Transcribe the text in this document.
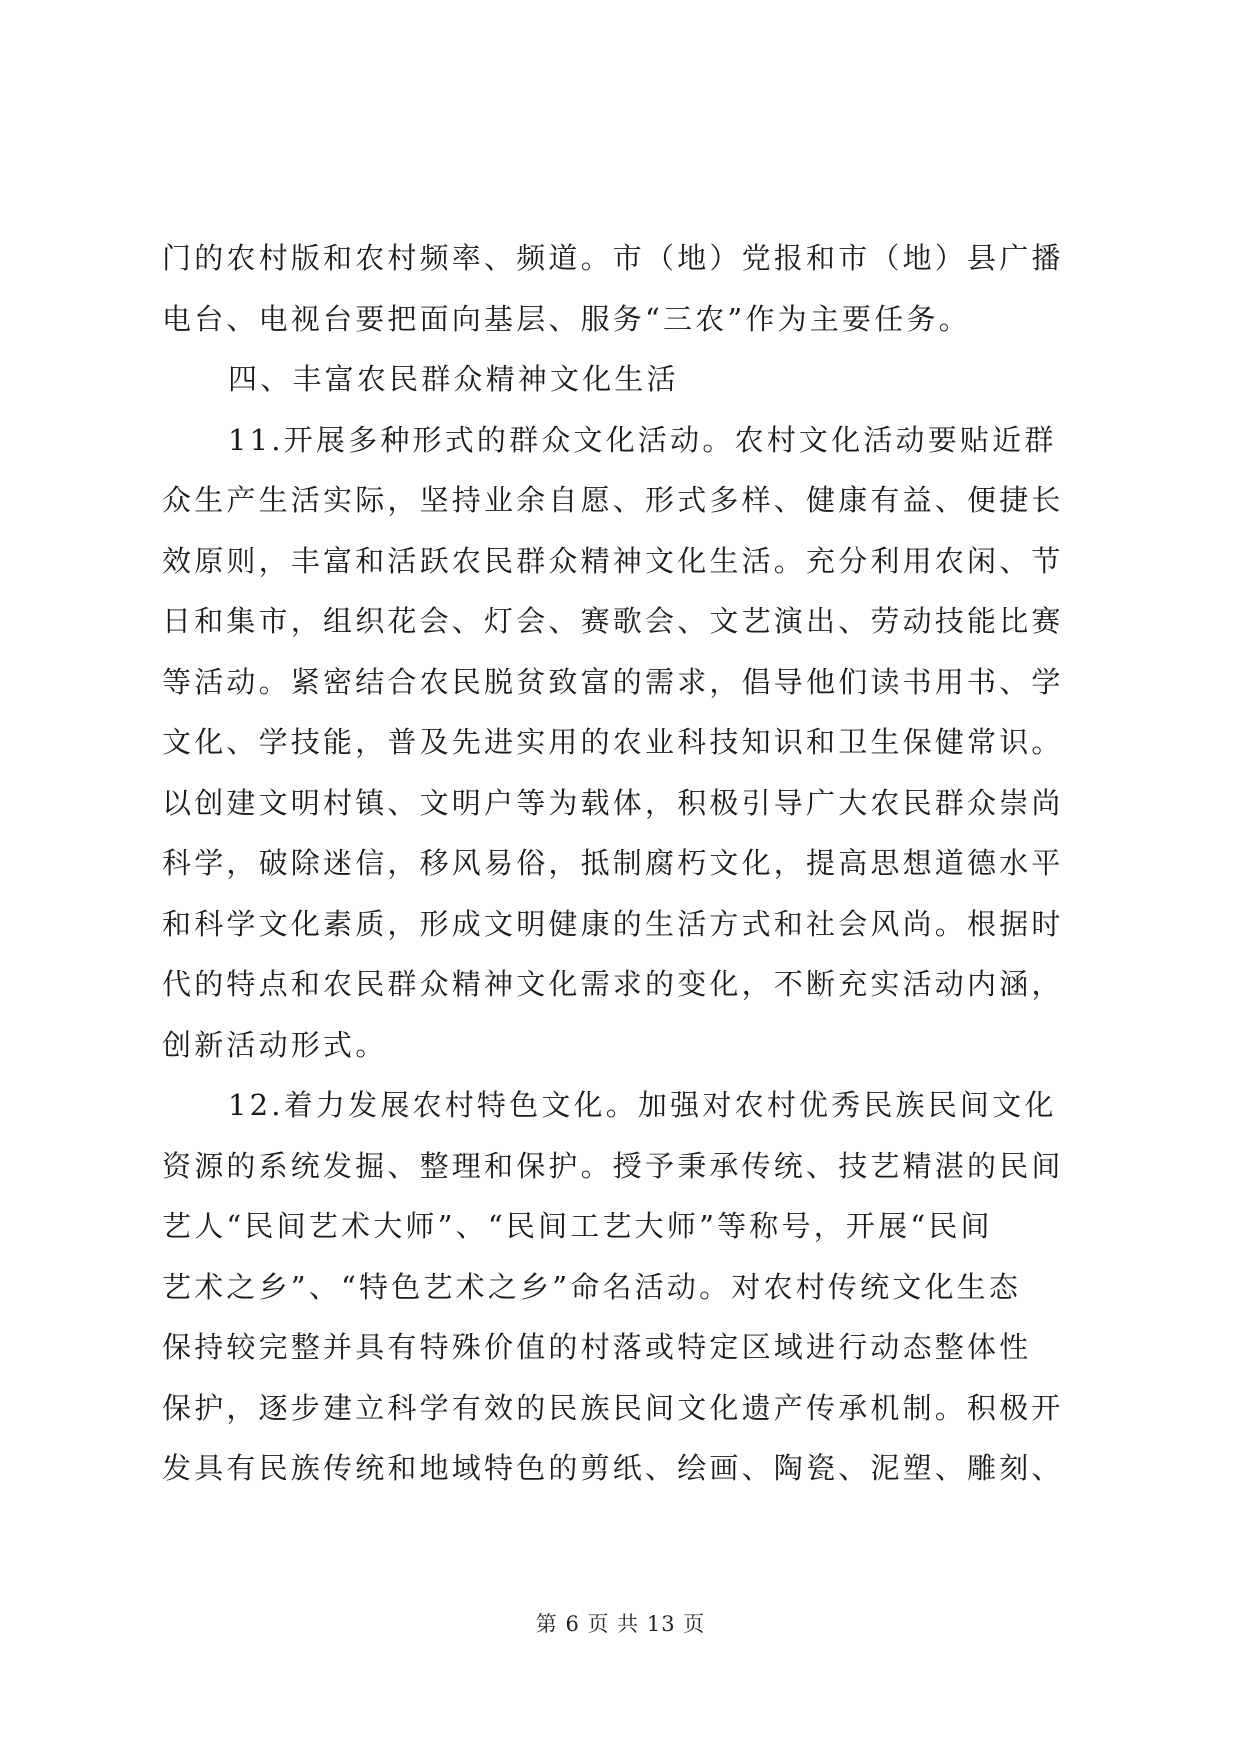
门的农村版和农村频率、频道。市（地）党报和市（地）县广播
电台、电视台要把面向基层、服务“三农”作为主要任务。
四、丰富农民群众精神文化生活
11.开展多种形式的群众文化活动。农村文化活动要贴近群
众生产生活实际，坚持业余自愿、形式多样、健康有益、便捷长
效原则，丰富和活跃农民群众精神文化生活。充分利用农闲、节
日和集市，组织花会、灯会、赛歌会、文艺演出、劳动技能比赛
等活动。紧密结合农民脱贫致富的需求，倡导他们读书用书、学
文化、学技能，普及先进实用的农业科技知识和卫生保健常识。
以创建文明村镇、文明户等为载体，积极引导广大农民群众崇尚
科学，破除迷信，移风易俗，抵制腐朽文化，提高思想道德水平
和科学文化素质，形成文明健康的生活方式和社会风尚。根据时
代的特点和农民群众精神文化需求的变化，不断充实活动内涵，
创新活动形式。
12.着力发展农村特色文化。加强对农村优秀民族民间文化
资源的系统发掘、整理和保护。授予秉承传统、技艺精湛的民间
艺人“民间艺术大师”、“民间工艺大师”等称号，开展“民间
艺术之乡”、“特色艺术之乡”命名活动。对农村传统文化生态
保持较完整并具有特殊价值的村落或特定区域进行动态整体性
保护，逐步建立科学有效的民族民间文化遗产传承机制。积极开
发具有民族传统和地域特色的剪纸、绘画、陶瓷、泥塑、雕刻、
第 6 页 共 13 页
